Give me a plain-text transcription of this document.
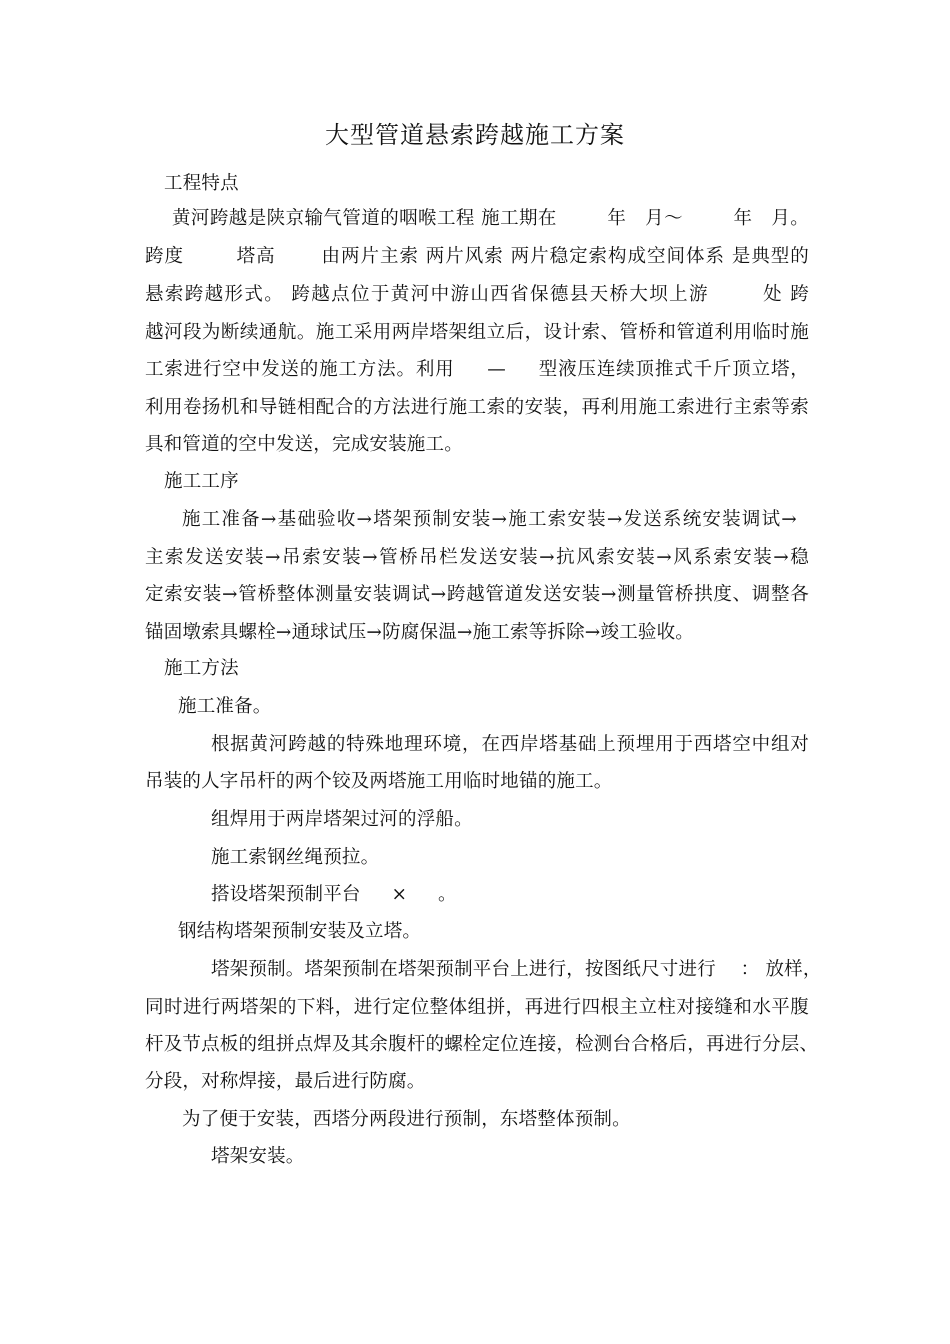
大型管道悬索跨越施工方案
工程特点
黄河跨越是陕京输气管道的咽喉工程 施工期在 　　 年　月～ 　　 年　月。
跨度 　　 塔高 　　由两片主索 两片风索 两片稳定索构成空间体系 是典型的
悬索跨越形式。 跨越点位于黄河中游山西省保德县天桥大坝上游 　　 处 跨
越河段为断续通航。施工采用两岸塔架组立后，设计索、管桥和管道利用临时施
工索进行空中发送的施工方法。利用 　 — 　 型液压连续顶推式千斤顶立塔，
利用卷扬机和导链相配合的方法进行施工索的安装，再利用施工索进行主索等索
具和管道的空中发送，完成安装施工。
施工工序
施工准备→基础验收→塔架预制安装→施工索安装→发送系统安装调试→
主索发送安装→吊索安装→管桥吊栏发送安装→抗风索安装→风系索安装→稳
定索安装→管桥整体测量安装调试→跨越管道发送安装→测量管桥拱度、调整各
锚固墩索具螺栓→通球试压→防腐保温→施工索等拆除→竣工验收。
施工方法
施工准备。
根据黄河跨越的特殊地理环境，在西岸塔基础上预埋用于西塔空中组对
吊装的人字吊杆的两个铰及两塔施工用临时地锚的施工。
组焊用于两岸塔架过河的浮船。
施工索钢丝绳预拉。
搭设塔架预制平台 　 × 　 。
钢结构塔架预制安装及立塔。
塔架预制。塔架预制在塔架预制平台上进行，按图纸尺寸进行 　： 放样，
同时进行两塔架的下料，进行定位整体组拼，再进行四根主立柱对接缝和水平腹
杆及节点板的组拼点焊及其余腹杆的螺栓定位连接，检测台合格后，再进行分层、
分段，对称焊接，最后进行防腐。
为了便于安装，西塔分两段进行预制，东塔整体预制。
塔架安装。
